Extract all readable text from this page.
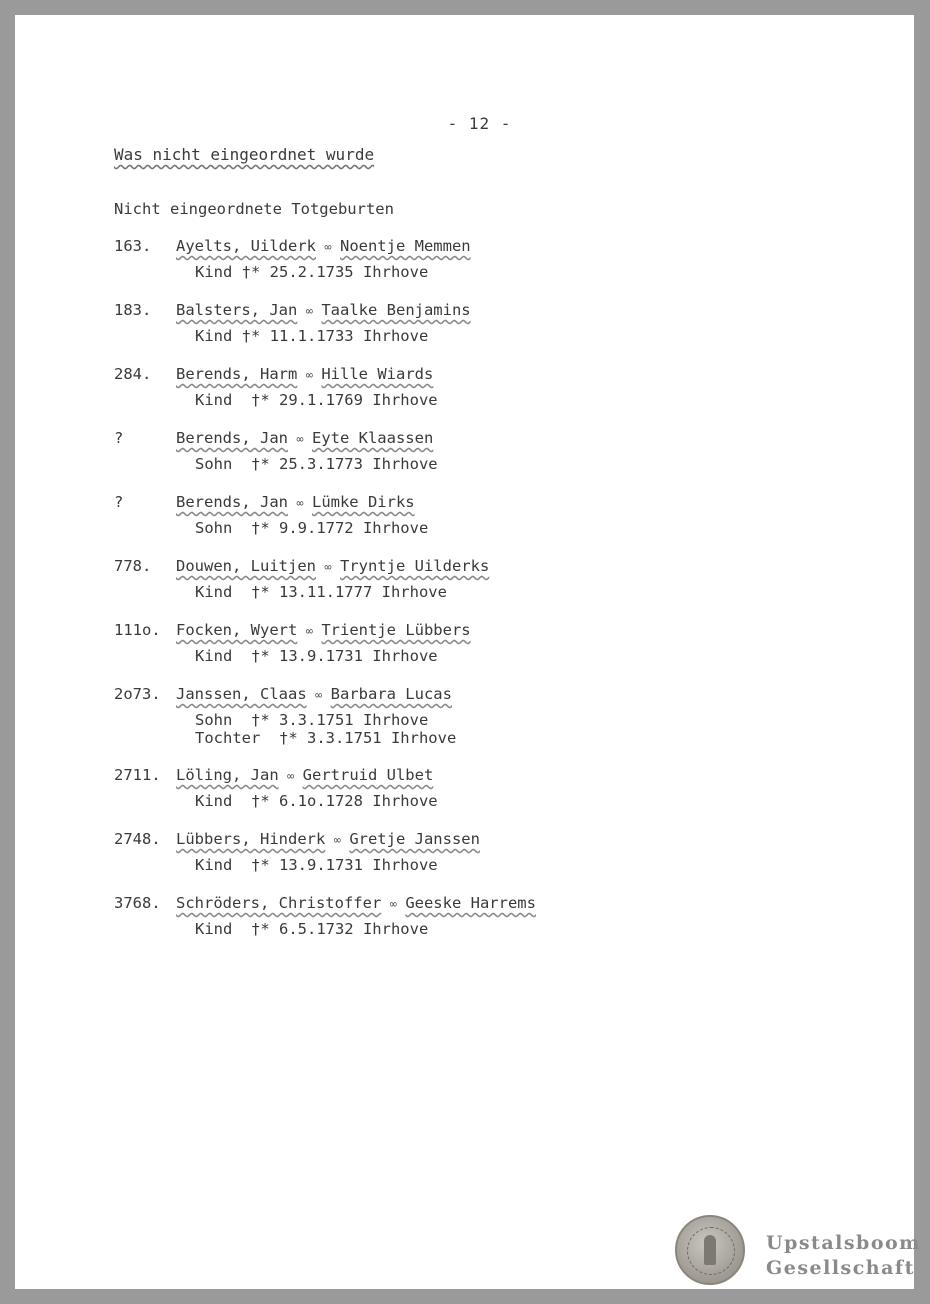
- 12 -
Was nicht eingeordnet wurde
Nicht eingeordnete Totgeburten
163.	Ayelts, Uilderk ∞ Noentje Memmen
Kind †* 25.2.1735 Ihrhove
183.	Balsters, Jan ∞ Taalke Benjamins
Kind †* 11.1.1733 Ihrhove
284.	Berends, Harm ∞ Hille Wiards
Kind  †* 29.1.1769 Ihrhove
?	Berends, Jan ∞ Eyte Klaassen
Sohn  †* 25.3.1773 Ihrhove
?	Berends, Jan ∞ Lümke Dirks
Sohn  †* 9.9.1772 Ihrhove
778.	Douwen, Luitjen ∞ Tryntje Uilderks
Kind  †* 13.11.1777 Ihrhove
111o. Focken, Wyert ∞ Trientje Lübbers
Kind  †* 13.9.1731 Ihrhove
2o73. Janssen, Claas ∞ Barbara Lucas
Sohn  †* 3.3.1751 Ihrhove
Tochter  †* 3.3.1751 Ihrhove
2711. Löling, Jan ∞ Gertruid Ulbet
Kind  †* 6.1o.1728 Ihrhove
2748. Lübbers, Hinderk ∞ Gretje Janssen
Kind  †* 13.9.1731 Ihrhove
3768. Schröders, Christoffer ∞ Geeske Harrems
Kind  †* 6.5.1732 Ihrhove
Upstalsboom
Gesellschaft
